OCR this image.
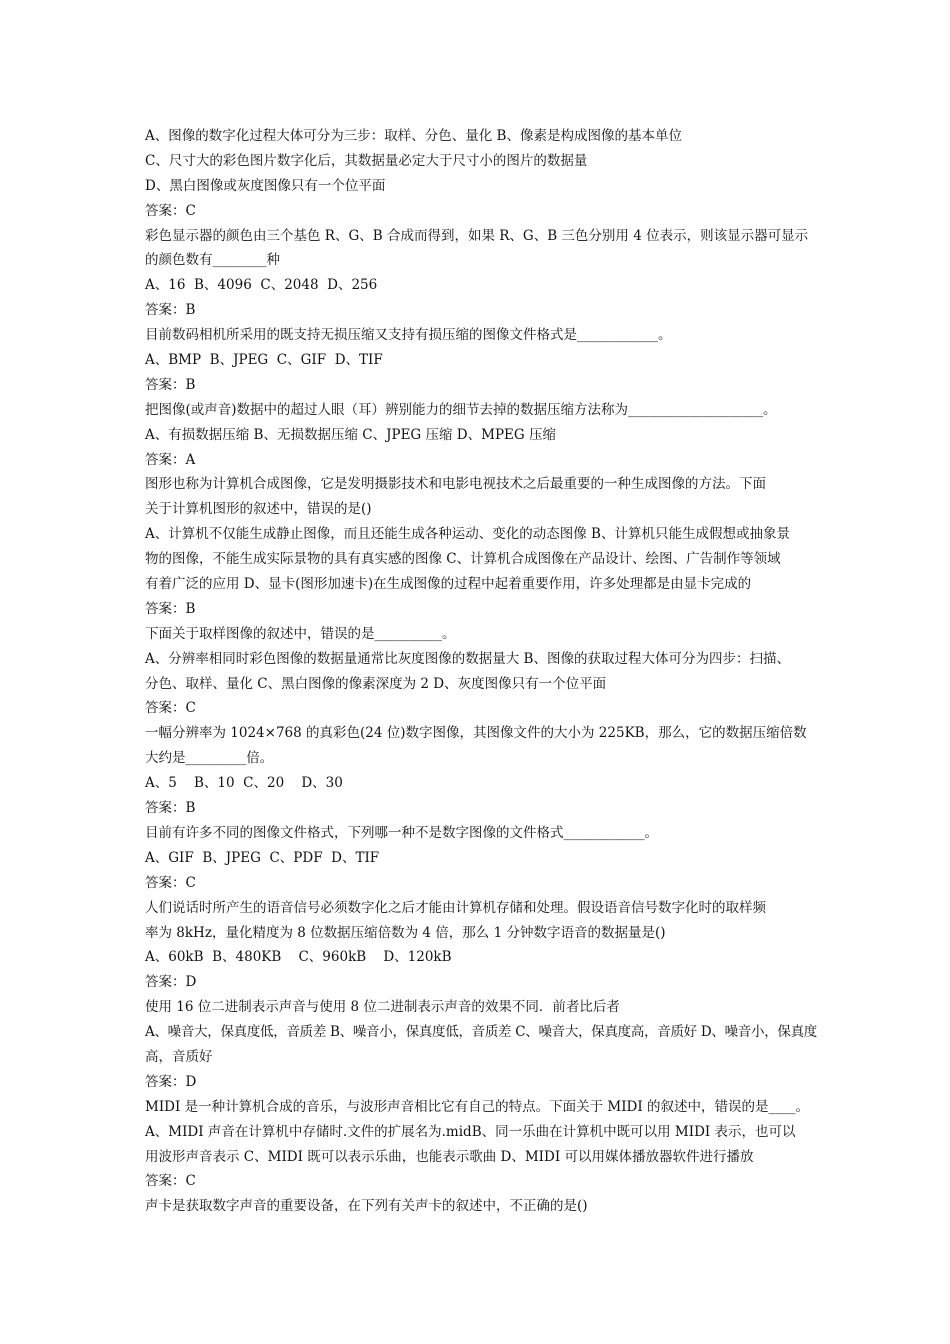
A、图像的数字化过程大体可分为三步：取样、分色、量化 B、像素是构成图像的基本单位
C、尺寸大的彩色图片数字化后，其数据量必定大于尺寸小的图片的数据量
D、黑白图像或灰度图像只有一个位平面
答案：C
彩色显示器的颜色由三个基色 R、G、B 合成而得到，如果 R、G、B 三色分别用 4 位表示，则该显示器可显示
的颜色数有________种
A、16  B、4096  C、2048  D、256
答案：B
目前数码相机所采用的既支持无损压缩又支持有损压缩的图像文件格式是____________。
A、BMP  B、JPEG  C、GIF  D、TIF
答案：B
把图像(或声音)数据中的超过人眼（耳）辨别能力的细节去掉的数据压缩方法称为____________________。
A、有损数据压缩 B、无损数据压缩 C、JPEG 压缩 D、MPEG 压缩
答案：A
图形也称为计算机合成图像，它是发明摄影技术和电影电视技术之后最重要的一种生成图像的方法。下面
关于计算机图形的叙述中，错误的是()
A、计算机不仅能生成静止图像，而且还能生成各种运动、变化的动态图像 B、计算机只能生成假想或抽象景
物的图像，不能生成实际景物的具有真实感的图像 C、计算机合成图像在产品设计、绘图、广告制作等领域
有着广泛的应用 D、显卡(图形加速卡)在生成图像的过程中起着重要作用，许多处理都是由显卡完成的
答案：B
下面关于取样图像的叙述中，错误的是__________。
A、分辨率相同时彩色图像的数据量通常比灰度图像的数据量大 B、图像的获取过程大体可分为四步：扫描、
分色、取样、量化 C、黑白图像的像素深度为 2 D、灰度图像只有一个位平面
答案：C
一幅分辨率为 1024×768 的真彩色(24 位)数字图像，其图像文件的大小为 225KB，那么，它的数据压缩倍数
大约是_________倍。
A、5    B、10  C、20    D、30
答案：B
目前有许多不同的图像文件格式，下列哪一种不是数字图像的文件格式____________。
A、GIF  B、JPEG  C、PDF  D、TIF
答案：C
人们说话时所产生的语音信号必须数字化之后才能由计算机存储和处理。假设语音信号数字化时的取样频
率为 8kHz，量化精度为 8 位数据压缩倍数为 4 倍，那么 1 分钟数字语音的数据量是()
A、60kB  B、480KB    C、960kB    D、120kB
答案：D
使用 16 位二进制表示声音与使用 8 位二进制表示声音的效果不同．前者比后者
A、噪音大，保真度低，音质差 B、噪音小，保真度低，音质差 C、噪音大，保真度高，音质好 D、噪音小，保真度
高，音质好
答案：D
MIDI 是一种计算机合成的音乐，与波形声音相比它有自己的特点。下面关于 MIDI 的叙述中，错误的是____。
A、MIDI 声音在计算机中存储时.文件的扩展名为.midB、同一乐曲在计算机中既可以用 MIDI 表示，也可以
用波形声音表示 C、MIDI 既可以表示乐曲，也能表示歌曲 D、MIDI 可以用媒体播放器软件进行播放
答案：C
声卡是获取数字声音的重要设备，在下列有关声卡的叙述中，不正确的是()
